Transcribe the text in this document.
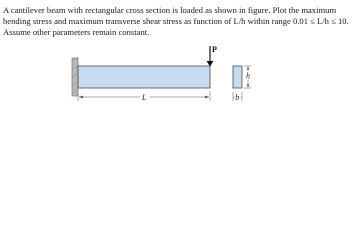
A cantilever beam with rectangular cross section is loaded as shown in figure. Plot the maximum
bending stress and maximum transverse shear stress as function of L/h within range 0.01 ≤ L/h ≤ 10.
Assume other parameters remain constant.
P
L
h
b
